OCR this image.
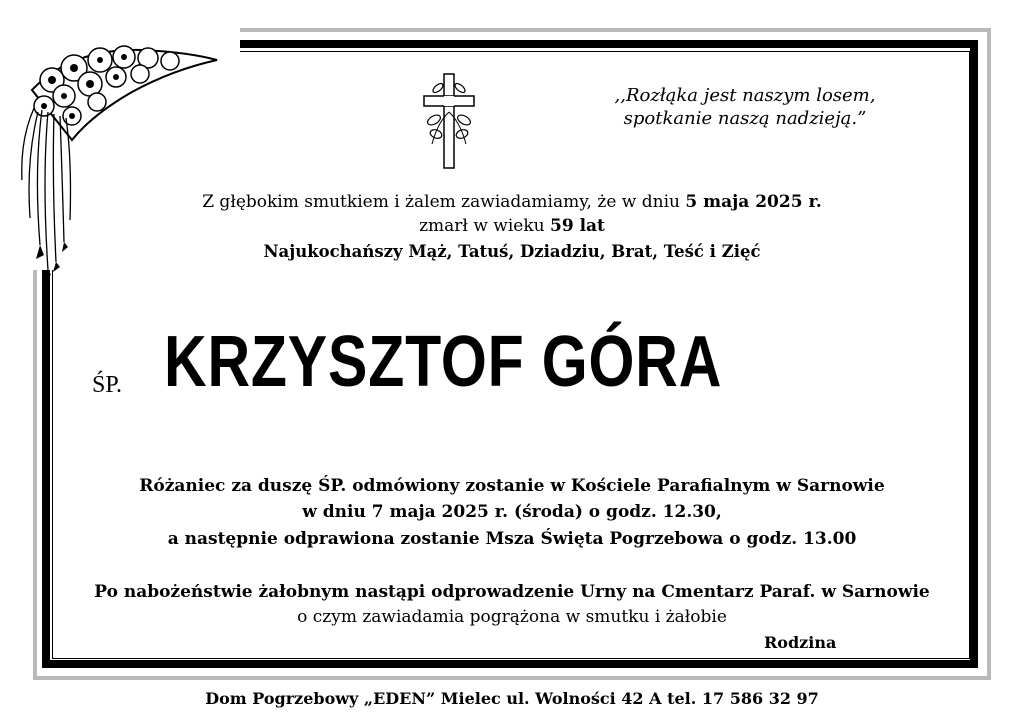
,,Rozłąka jest naszym losem,
spotkanie naszą nadzieją.”
Z głębokim smutkiem i żalem zawiadamiamy, że w dniu 5 maja 2025 r.
zmarł w wieku 59 lat
Najukochańszy Mąż, Tatuś, Dziadziu, Brat, Teść i Zięć
ŚP. KRZYSZTOF GÓRA
Różaniec za duszę ŚP. odmówiony zostanie w Kościele Parafialnym w Sarnowie
w dniu 7 maja 2025 r. (środa) o godz. 12.30,
a następnie odprawiona zostanie Msza Święta Pogrzebowa o godz. 13.00
Po nabożeństwie żałobnym nastąpi odprowadzenie Urny na Cmentarz Paraf. w Sarnowie
o czym zawiadamia pogrążona w smutku i żałobie
Rodzina
Dom Pogrzebowy „EDEN” Mielec ul. Wolności 42 A tel. 17 586 32 97
